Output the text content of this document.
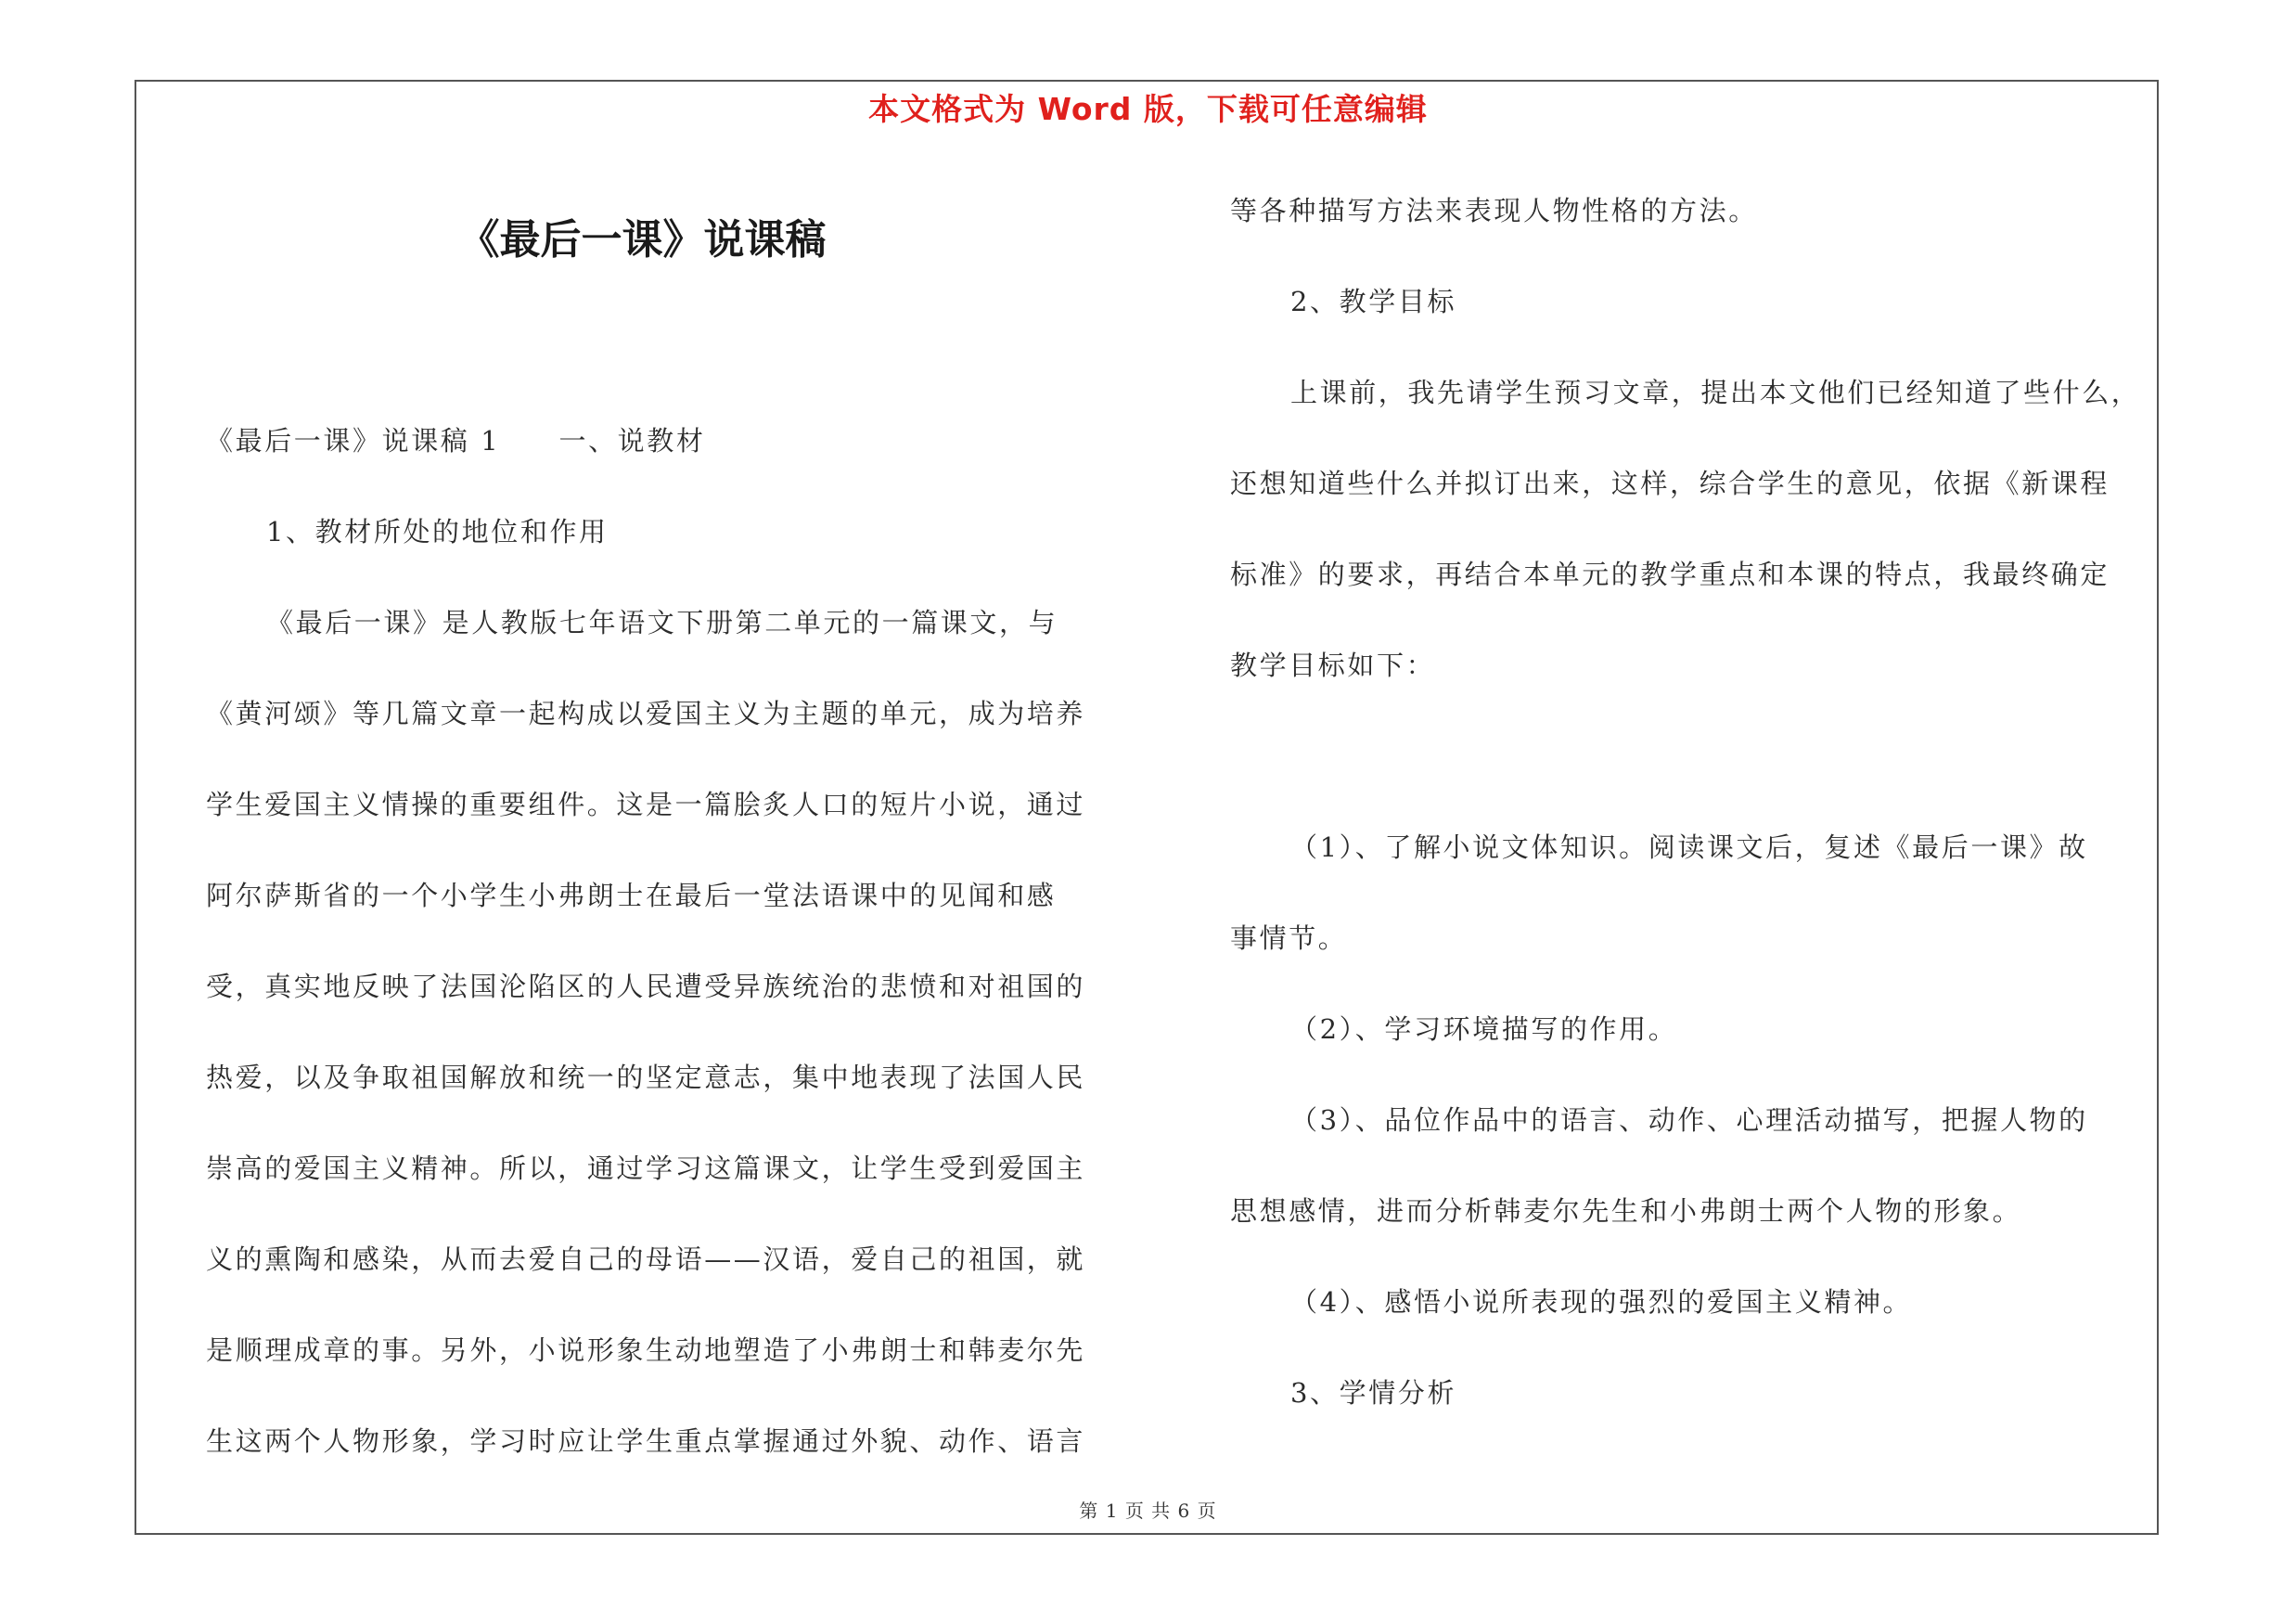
本文格式为 Word 版，下载可任意编辑
《最后一课》说课稿
《最后一课》说课稿 1　　一、说教材
1、教材所处的地位和作用
《最后一课》是人教版七年语文下册第二单元的一篇课文，与
《黄河颂》等几篇文章一起构成以爱国主义为主题的单元，成为培养
学生爱国主义情操的重要组件。这是一篇脍炙人口的短片小说，通过
阿尔萨斯省的一个小学生小弗朗士在最后一堂法语课中的见闻和感
受，真实地反映了法国沦陷区的人民遭受异族统治的悲愤和对祖国的
热爱，以及争取祖国解放和统一的坚定意志，集中地表现了法国人民
崇高的爱国主义精神。所以，通过学习这篇课文，让学生受到爱国主
义的熏陶和感染，从而去爱自己的母语——汉语，爱自己的祖国，就
是顺理成章的事。另外，小说形象生动地塑造了小弗朗士和韩麦尔先
生这两个人物形象，学习时应让学生重点掌握通过外貌、动作、语言
等各种描写方法来表现人物性格的方法。
2、教学目标
上课前，我先请学生预习文章，提出本文他们已经知道了些什么，
还想知道些什么并拟订出来，这样，综合学生的意见，依据《新课程
标准》的要求，再结合本单元的教学重点和本课的特点，我最终确定
教学目标如下：
（1）、了解小说文体知识。阅读课文后，复述《最后一课》故
事情节。
（2）、学习环境描写的作用。
（3）、品位作品中的语言、动作、心理活动描写，把握人物的
思想感情，进而分析韩麦尔先生和小弗朗士两个人物的形象。
（4）、感悟小说所表现的强烈的爱国主义精神。
3、学情分析
第 1 页 共 6 页
